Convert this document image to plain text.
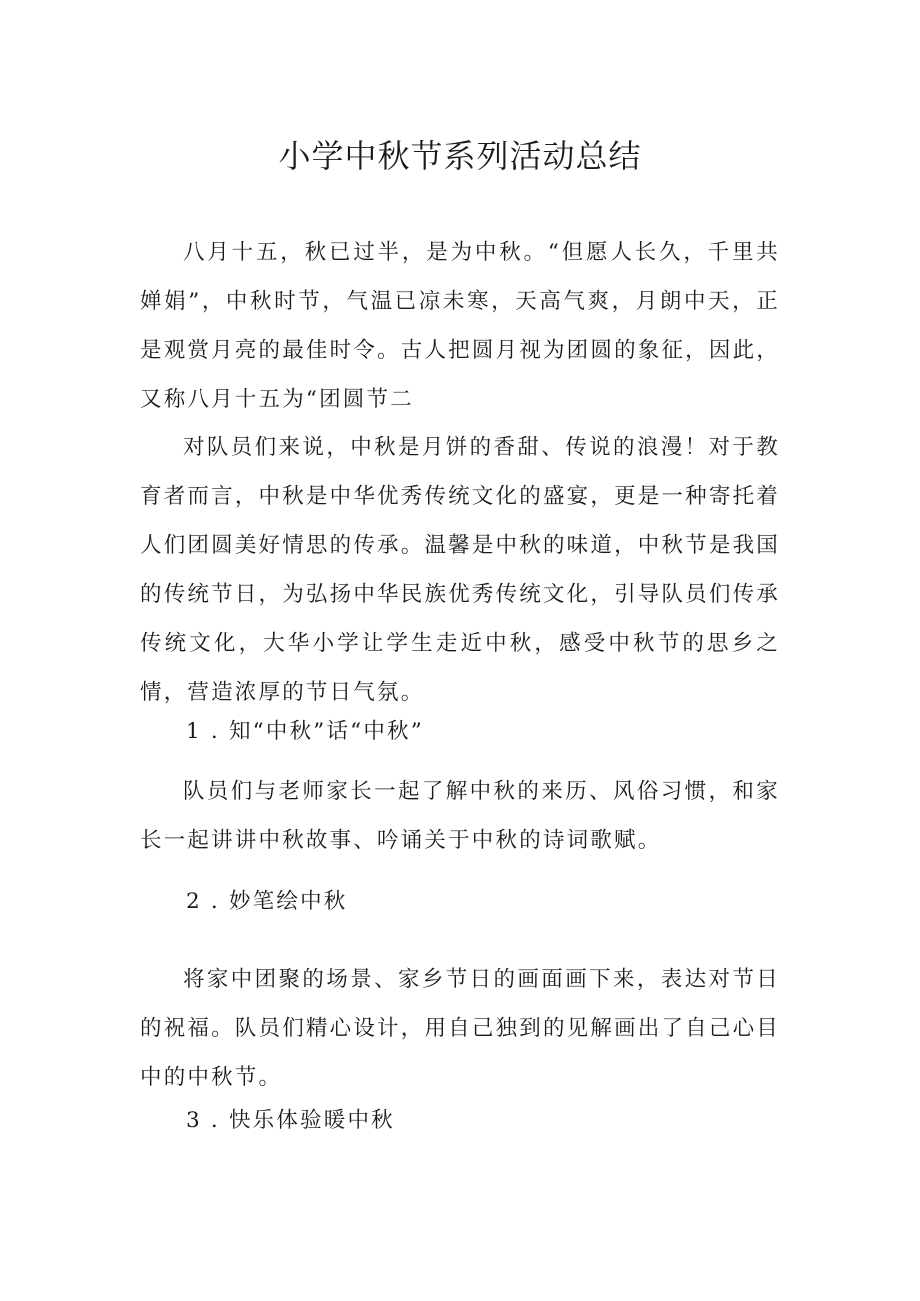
小学中秋节系列活动总结

八月十五，秋已过半，是为中秋。“但愿人长久，千里共婵娟”，中秋时节，气温已凉未寒，天高气爽，月朗中天，正是观赏月亮的最佳时令。古人把圆月视为团圆的象征，因此，又称八月十五为“团圆节二

对队员们来说，中秋是月饼的香甜、传说的浪漫！对于教育者而言，中秋是中华优秀传统文化的盛宴，更是一种寄托着人们团圆美好情思的传承。温馨是中秋的味道，中秋节是我国的传统节日，为弘扬中华民族优秀传统文化，引导队员们传承传统文化，大华小学让学生走近中秋，感受中秋节的思乡之情，营造浓厚的节日气氛。

1 . 知“中秋”话“中秋”

队员们与老师家长一起了解中秋的来历、风俗习惯，和家长一起讲讲中秋故事、吟诵关于中秋的诗词歌赋。

2 . 妙笔绘中秋

将家中团聚的场景、家乡节日的画面画下来，表达对节日的祝福。队员们精心设计，用自己独到的见解画出了自己心目中的中秋节。

3 . 快乐体验暖中秋
